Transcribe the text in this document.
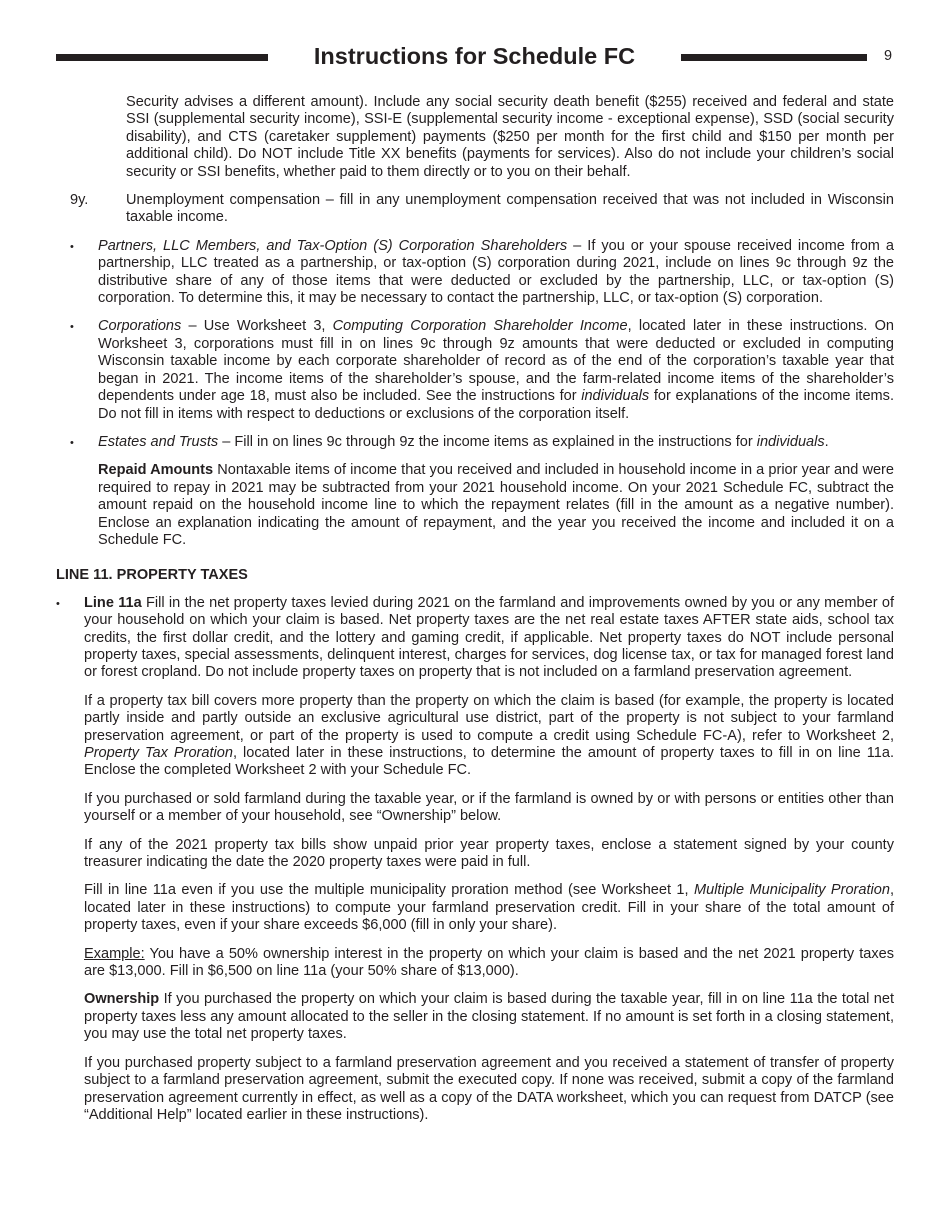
Instructions for Schedule FC	9

Security advises a different amount). Include any social security death benefit ($255) received and federal and state SSI (supplemental security income), SSI-E (supplemental security income - exceptional expense), SSD (social security disability), and CTS (caretaker supplement) payments ($250 per month for the first child and $150 per month per additional child). Do NOT include Title XX benefits (payments for services). Also do not include your children’s social security or SSI benefits, whether paid to them directly or to you on their behalf.

9y.	Unemployment compensation – fill in any unemployment compensation received that was not included in Wisconsin taxable income.

• Partners, LLC Members, and Tax-Option (S) Corporation Shareholders – If you or your spouse received income from a partnership, LLC treated as a partnership, or tax-option (S) corporation during 2021, include on lines 9c through 9z the distributive share of any of those items that were deducted or excluded by the partnership, LLC, or tax-option (S) corporation. To determine this, it may be necessary to contact the partnership, LLC, or tax-option (S) corporation.

• Corporations – Use Worksheet 3, Computing Corporation Shareholder Income, located later in these instructions. On Worksheet 3, corporations must fill in on lines 9c through 9z amounts that were deducted or excluded in computing Wisconsin taxable income by each corporate shareholder of record as of the end of the corporation’s taxable year that began in 2021. The income items of the shareholder’s spouse, and the farm-related income items of the shareholder’s dependents under age 18, must also be included. See the instructions for individuals for explanations of the income items. Do not fill in items with respect to deductions or exclusions of the corporation itself.

• Estates and Trusts – Fill in on lines 9c through 9z the income items as explained in the instructions for individuals.

Repaid Amounts Nontaxable items of income that you received and included in household income in a prior year and were required to repay in 2021 may be subtracted from your 2021 household income. On your 2021 Schedule FC, subtract the amount repaid on the household income line to which the repayment relates (fill in the amount as a negative number). Enclose an explanation indicating the amount of repayment, and the year you received the income and included it on a Schedule FC.

LINE 11. PROPERTY TAXES

• Line 11a Fill in the net property taxes levied during 2021 on the farmland and improvements owned by you or any member of your household on which your claim is based. Net property taxes are the net real estate taxes AFTER state aids, school tax credits, the first dollar credit, and the lottery and gaming credit, if applicable. Net property taxes do NOT include personal property taxes, special assessments, delinquent interest, charges for services, dog license tax, or tax for managed forest land or forest cropland. Do not include property taxes on property that is not included on a farmland preservation agreement.

If a property tax bill covers more property than the property on which the claim is based (for example, the property is located partly inside and partly outside an exclusive agricultural use district, part of the property is not subject to your farmland preservation agreement, or part of the property is used to compute a credit using Schedule FC-A), refer to Worksheet 2, Property Tax Proration, located later in these instructions, to determine the amount of property taxes to fill in on line 11a. Enclose the completed Worksheet 2 with your Schedule FC.

If you purchased or sold farmland during the taxable year, or if the farmland is owned by or with persons or entities other than yourself or a member of your household, see “Ownership” below.

If any of the 2021 property tax bills show unpaid prior year property taxes, enclose a statement signed by your county treasurer indicating the date the 2020 property taxes were paid in full.

Fill in line 11a even if you use the multiple municipality proration method (see Worksheet 1, Multiple Municipality Proration, located later in these instructions) to compute your farmland preservation credit. Fill in your share of the total amount of property taxes, even if your share exceeds $6,000 (fill in only your share).

Example: You have a 50% ownership interest in the property on which your claim is based and the net 2021 property taxes are $13,000. Fill in $6,500 on line 11a (your 50% share of $13,000).

Ownership If you purchased the property on which your claim is based during the taxable year, fill in on line 11a the total net property taxes less any amount allocated to the seller in the closing statement. If no amount is set forth in a closing statement, you may use the total net property taxes.

If you purchased property subject to a farmland preservation agreement and you received a statement of transfer of property subject to a farmland preservation agreement, submit the executed copy. If none was received, submit a copy of the farmland preservation agreement currently in effect, as well as a copy of the DATA worksheet, which you can request from DATCP (see “Additional Help” located earlier in these instructions).
